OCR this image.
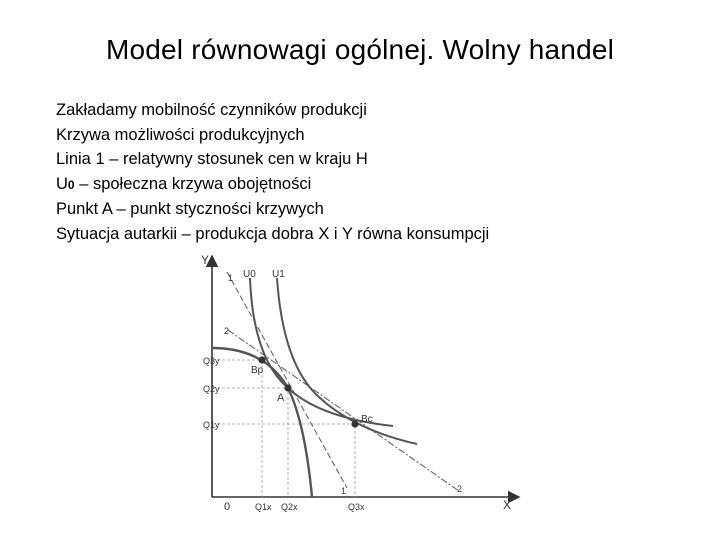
Model równowagi ogólnej. Wolny handel
Zakładamy mobilność czynników produkcji
Krzywa możliwości produkcyjnych
Linia 1 – relatywny stosunek cen w kraju H
U0 – społeczna krzywa obojętności
Punkt A – punkt styczności krzywych
Sytuacja autarkii – produkcja dobra X i Y równa konsumpcji
Y
X
0
U0 U1
1
2
1	2
Q3y
Q2y
Q1y
Q1x Q2x	Q3x
A
Bp
Bc
